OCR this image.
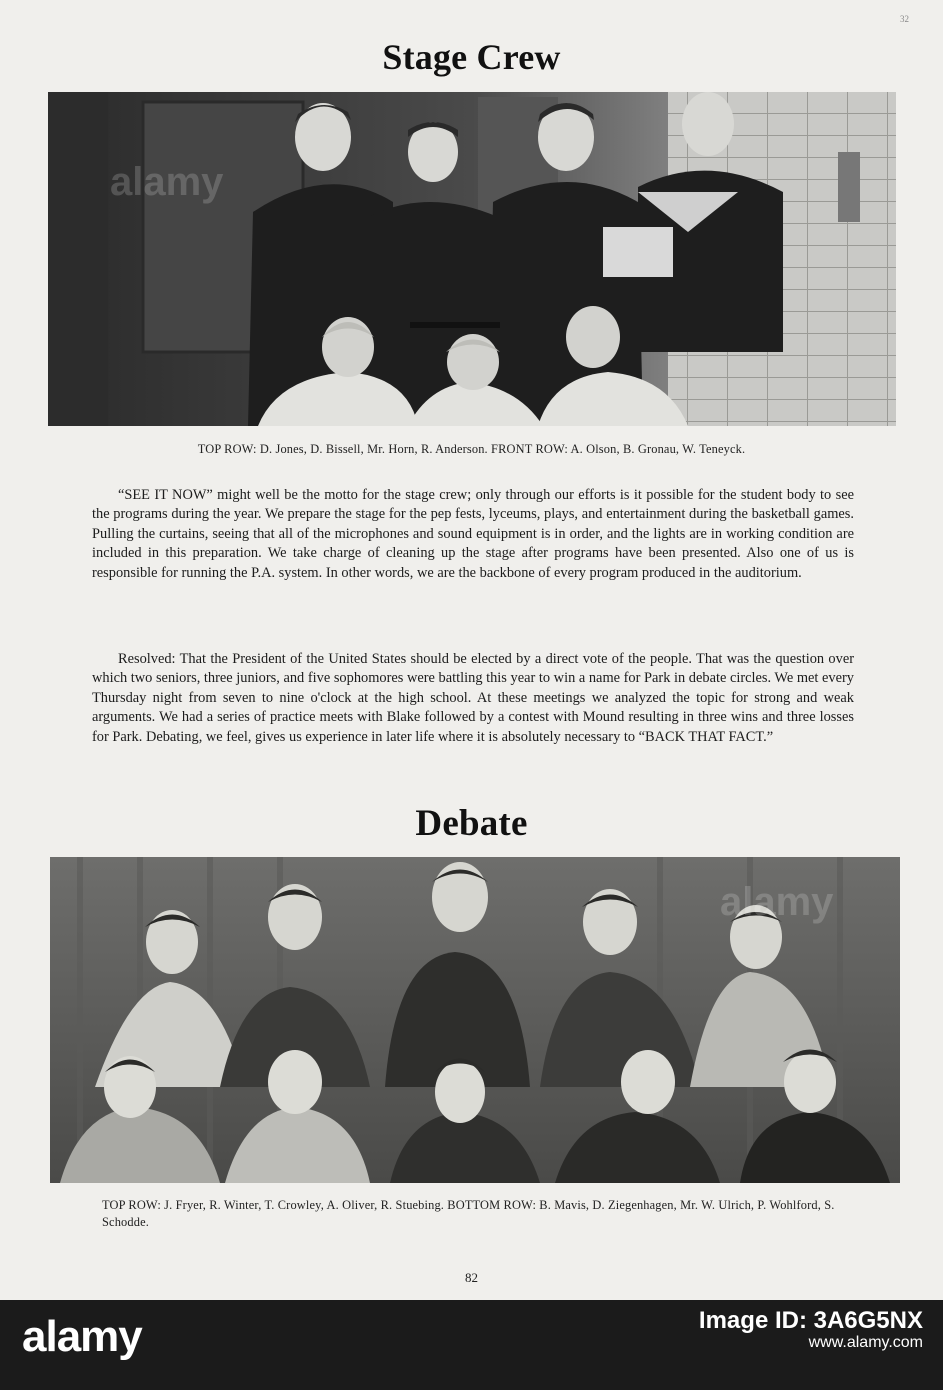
32
Stage Crew
TOP ROW: D. Jones, D. Bissell, Mr. Horn, R. Anderson. FRONT ROW: A. Olson, B. Gronau, W. Teneyck.

“SEE IT NOW” might well be the motto for the stage crew; only through our efforts is it possible for the student body to see the programs during the year. We prepare the stage for the pep fests, lyceums, plays, and entertainment during the basketball games. Pulling the curtains, seeing that all of the microphones and sound equipment is in order, and the lights are in working condition are included in this preparation. We take charge of cleaning up the stage after programs have been presented. Also one of us is responsible for running the P.A. system. In other words, we are the backbone of every program produced in the auditorium.

Resolved: That the President of the United States should be elected by a direct vote of the people. That was the question over which two seniors, three juniors, and five sophomores were battling this year to win a name for Park in debate circles. We met every Thursday night from seven to nine o'clock at the high school. At these meetings we analyzed the topic for strong and weak arguments. We had a series of practice meets with Blake followed by a contest with Mound resulting in three wins and three losses for Park. Debating, we feel, gives us experience in later life where it is absolutely necessary to “BACK THAT FACT.”

Debate
TOP ROW: J. Fryer, R. Winter, T. Crowley, A. Oliver, R. Stuebing. BOTTOM ROW: B. Mavis, D. Ziegenhagen, Mr. W. Ulrich, P. Wohlford, S. Schodde.
82
alamy	Image ID: 3A6G5NX
www.alamy.com
